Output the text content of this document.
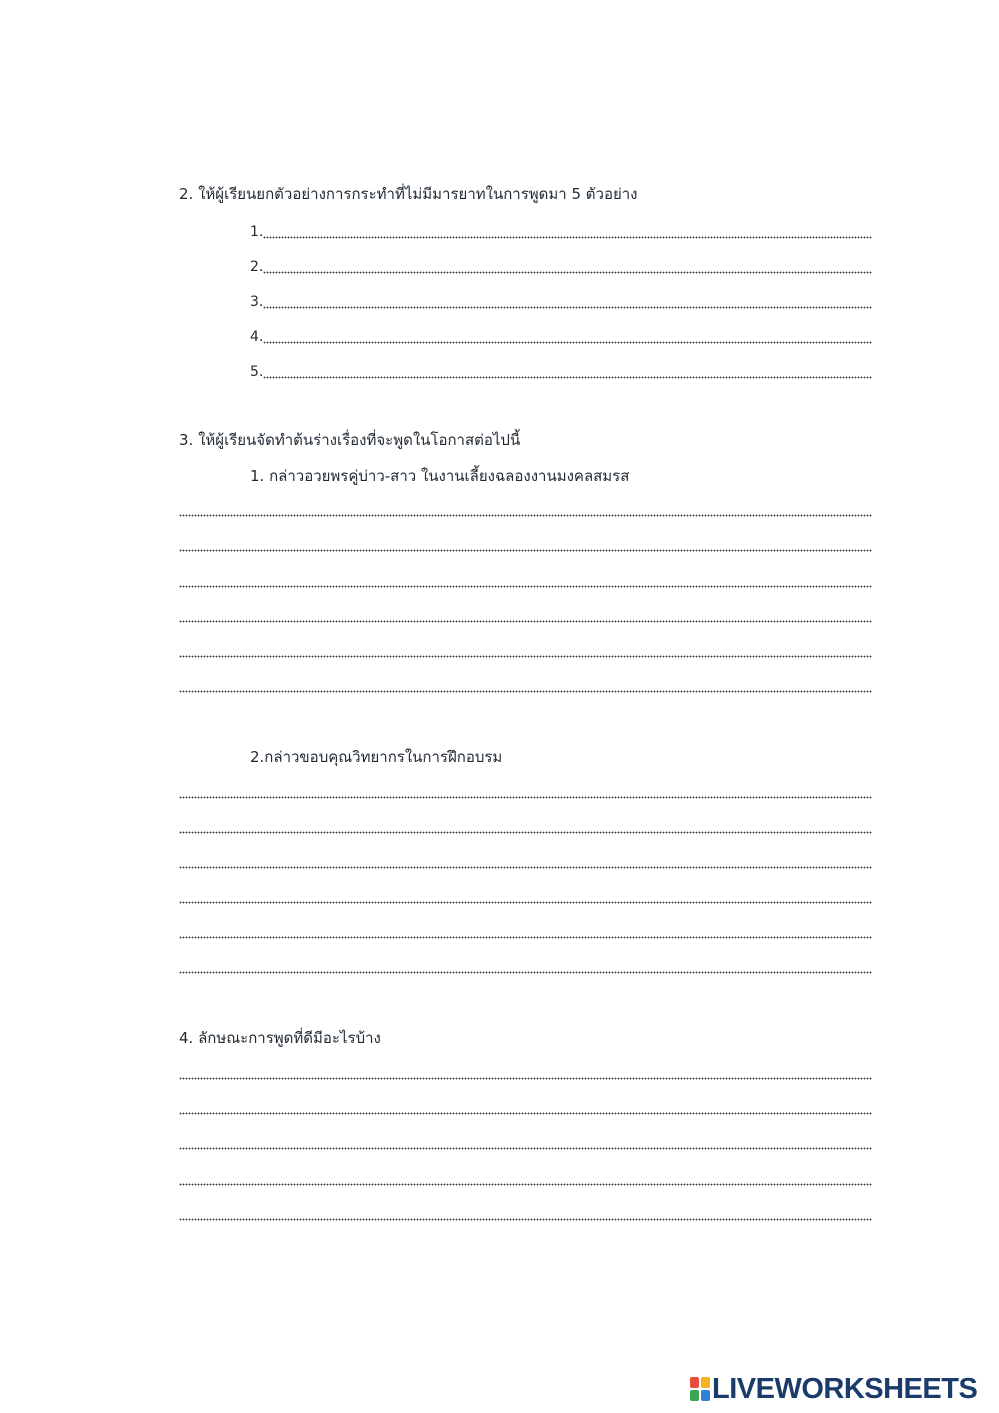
2. ให้ผู้เรียนยกตัวอย่างการกระทำที่ไม่มีมารยาทในการพูดมา 5 ตัวอย่าง
1.
2.
3.
4.
5.
3. ให้ผู้เรียนจัดทำต้นร่างเรื่องที่จะพูดในโอกาสต่อไปนี้
1. กล่าวอวยพรคู่บ่าว-สาว ในงานเลี้ยงฉลองงานมงคลสมรส
2.กล่าวขอบคุณวิทยากรในการฝึกอบรม
4. ลักษณะการพูดที่ดีมีอะไรบ้าง
LIVEWORKSHEETS
